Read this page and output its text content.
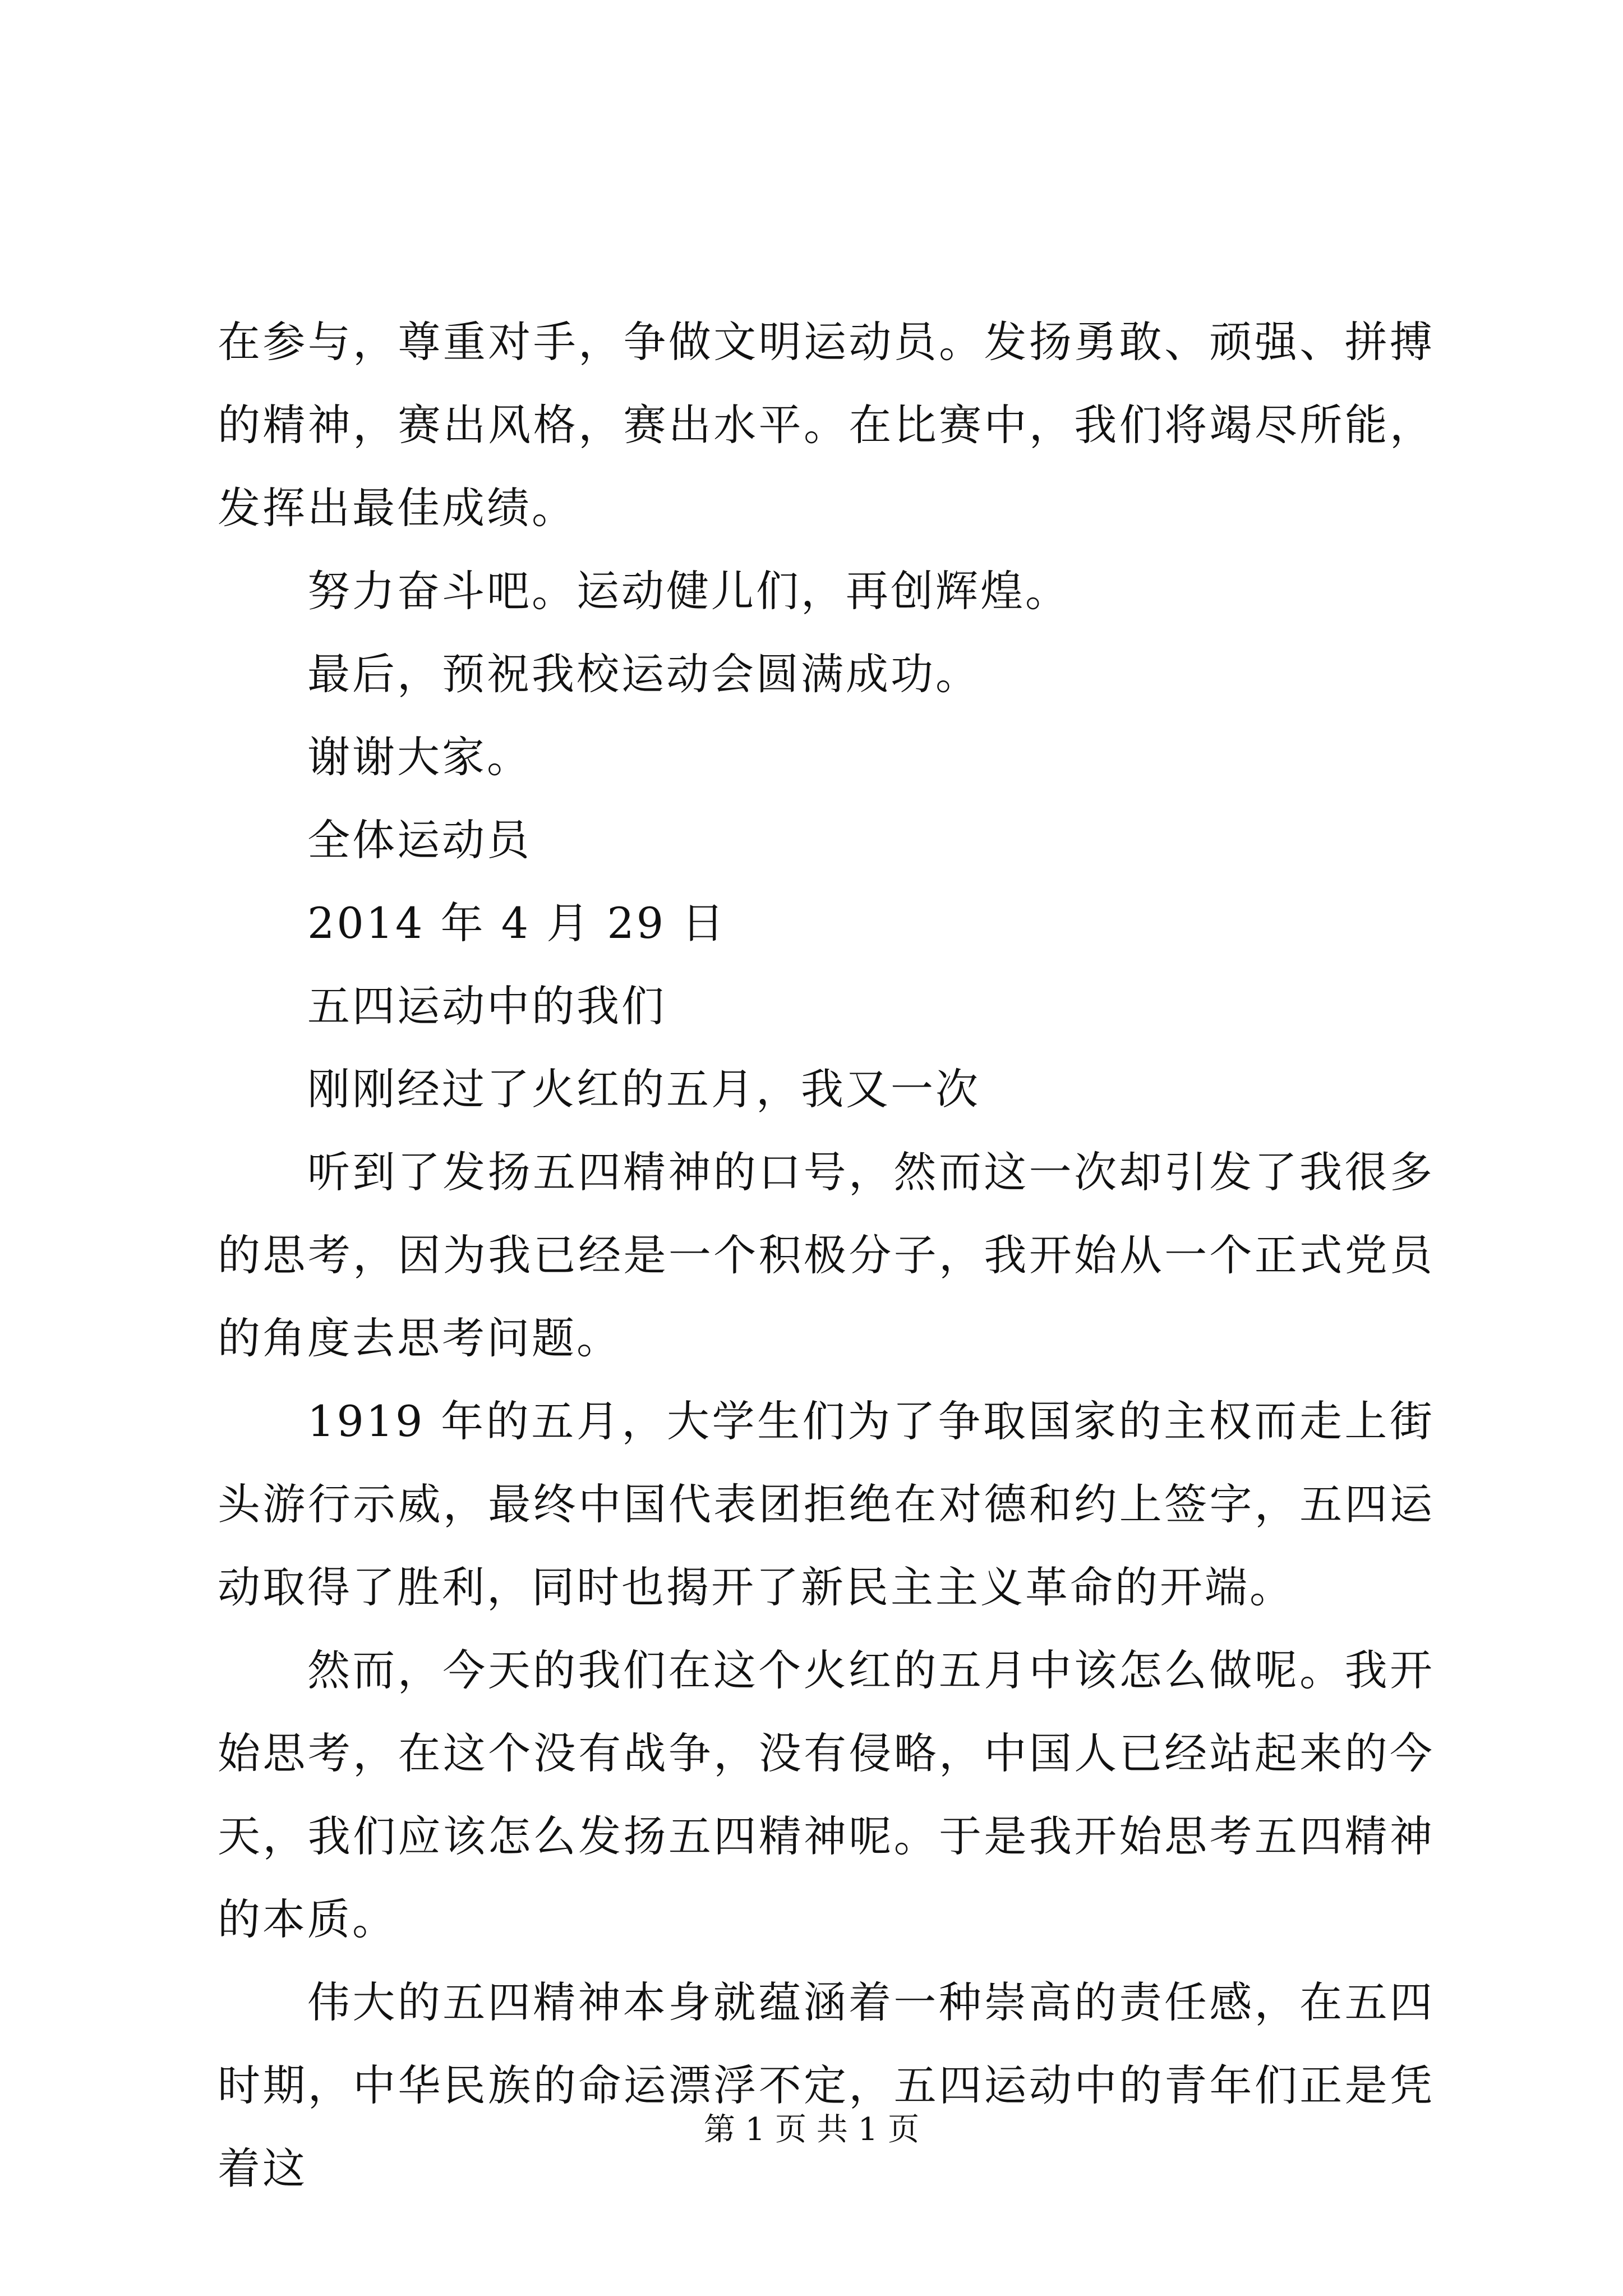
在参与，尊重对手，争做文明运动员。发扬勇敢、顽强、拼搏的精神，赛出风格，赛出水平。在比赛中，我们将竭尽所能，发挥出最佳成绩。

努力奋斗吧。运动健儿们，再创辉煌。

最后，预祝我校运动会圆满成功。

谢谢大家。

全体运动员

2014 年 4 月 29 日

五四运动中的我们

刚刚经过了火红的五月，我又一次

听到了发扬五四精神的口号，然而这一次却引发了我很多的思考，因为我已经是一个积极分子，我开始从一个正式党员的角度去思考问题。

1919 年的五月，大学生们为了争取国家的主权而走上街头游行示威，最终中国代表团拒绝在对德和约上签字，五四运动取得了胜利，同时也揭开了新民主主义革命的开端。

然而，今天的我们在这个火红的五月中该怎么做呢。我开始思考，在这个没有战争，没有侵略，中国人已经站起来的今天，我们应该怎么发扬五四精神呢。于是我开始思考五四精神的本质。

伟大的五四精神本身就蕴涵着一种崇高的责任感，在五四时期，中华民族的命运漂浮不定，五四运动中的青年们正是凭着这

第 1 页 共 1 页
